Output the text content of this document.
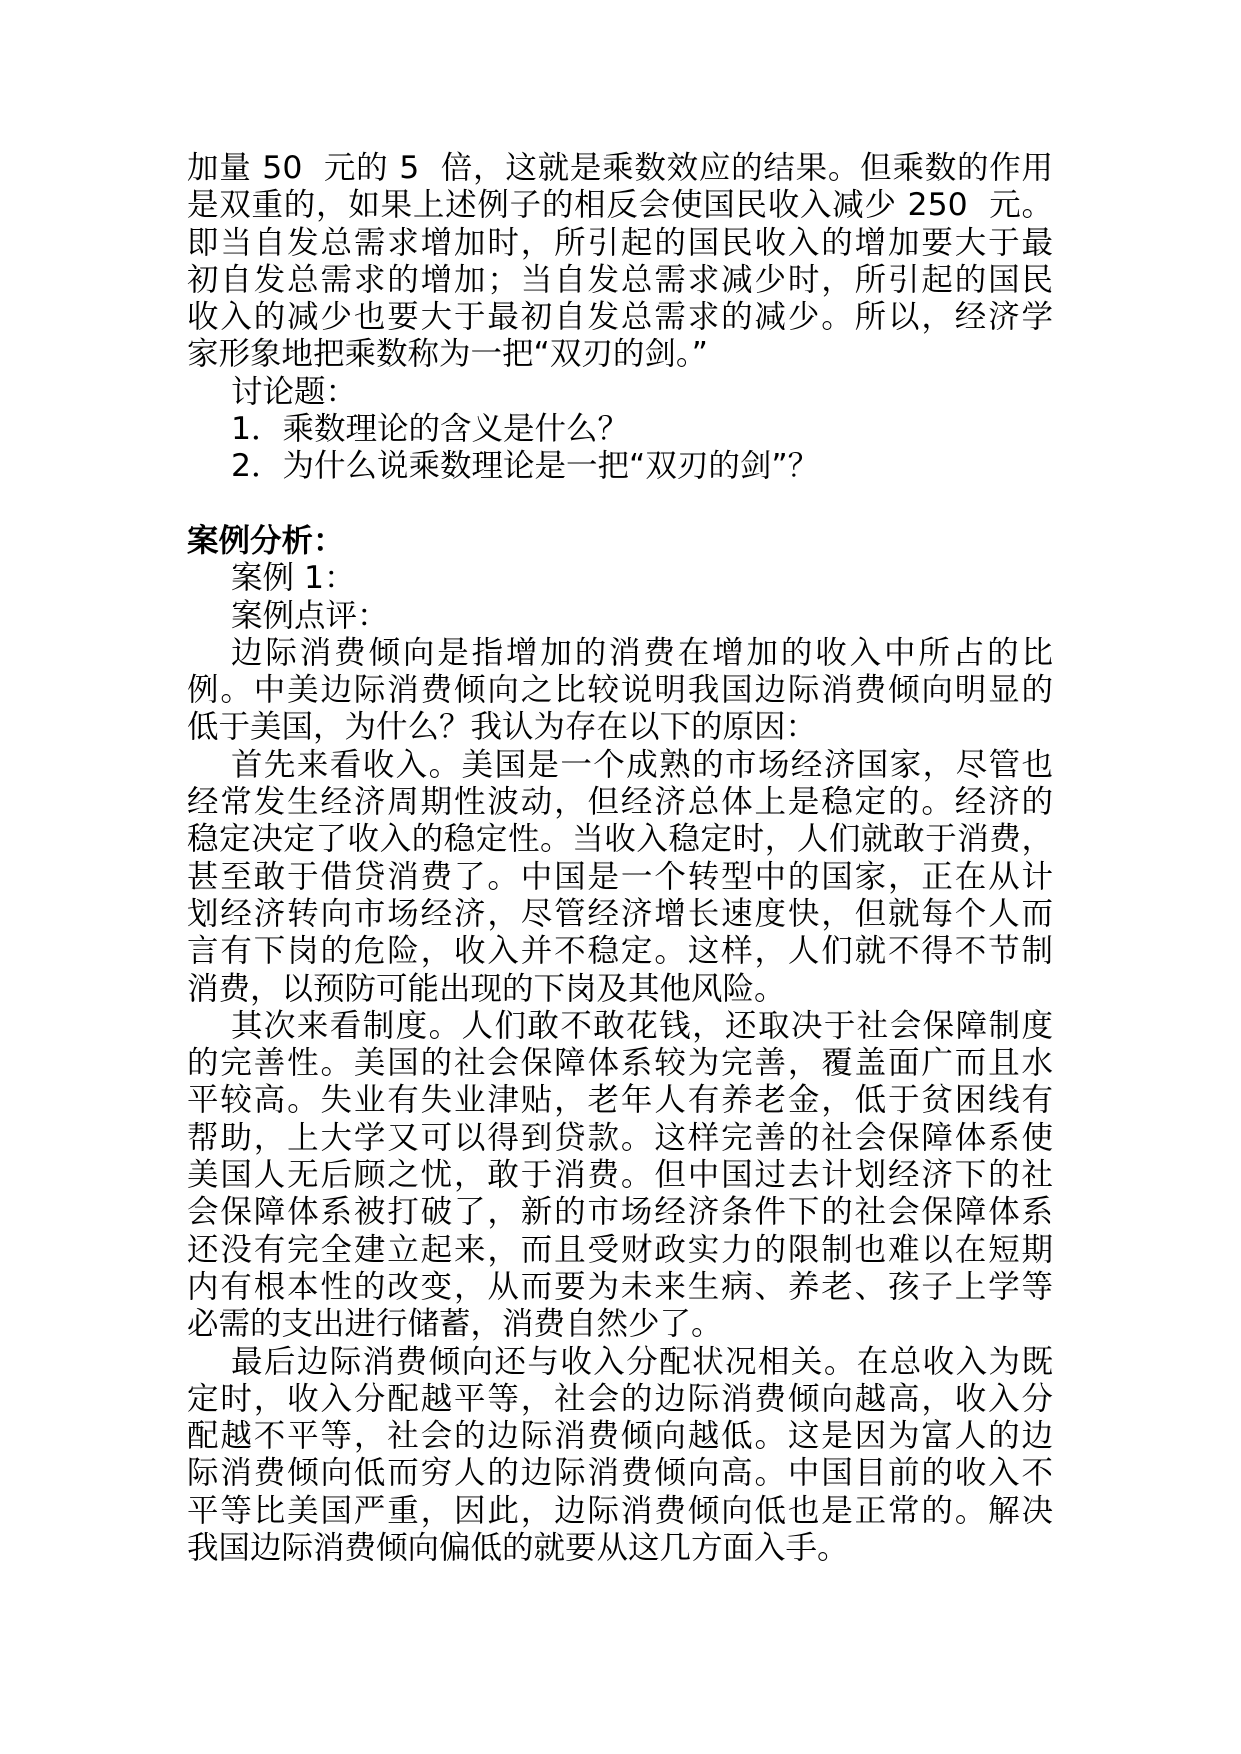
加量 50  元的 5  倍，这就是乘数效应的结果。但乘数的作用
是双重的，如果上述例子的相反会使国民收入减少 250  元。
即当自发总需求增加时，所引起的国民收入的增加要大于最
初自发总需求的增加；当自发总需求减少时，所引起的国民
收入的减少也要大于最初自发总需求的减少。所以，经济学
家形象地把乘数称为一把“双刃的剑。”
讨论题：
1．乘数理论的含义是什么？
2．为什么说乘数理论是一把“双刃的剑”？
案例分析：
案例 1：
案例点评：
边际消费倾向是指增加的消费在增加的收入中所占的比
例。中美边际消费倾向之比较说明我国边际消费倾向明显的
低于美国，为什么？我认为存在以下的原因：
首先来看收入。美国是一个成熟的市场经济国家，尽管也
经常发生经济周期性波动，但经济总体上是稳定的。经济的
稳定决定了收入的稳定性。当收入稳定时，人们就敢于消费，
甚至敢于借贷消费了。中国是一个转型中的国家，正在从计
划经济转向市场经济，尽管经济增长速度快，但就每个人而
言有下岗的危险，收入并不稳定。这样，人们就不得不节制
消费，以预防可能出现的下岗及其他风险。
其次来看制度。人们敢不敢花钱，还取决于社会保障制度
的完善性。美国的社会保障体系较为完善，覆盖面广而且水
平较高。失业有失业津贴，老年人有养老金，低于贫困线有
帮助，上大学又可以得到贷款。这样完善的社会保障体系使
美国人无后顾之忧，敢于消费。但中国过去计划经济下的社
会保障体系被打破了，新的市场经济条件下的社会保障体系
还没有完全建立起来，而且受财政实力的限制也难以在短期
内有根本性的改变，从而要为未来生病、养老、孩子上学等
必需的支出进行储蓄，消费自然少了。
最后边际消费倾向还与收入分配状况相关。在总收入为既
定时，收入分配越平等，社会的边际消费倾向越高，收入分
配越不平等，社会的边际消费倾向越低。这是因为富人的边
际消费倾向低而穷人的边际消费倾向高。中国目前的收入不
平等比美国严重，因此，边际消费倾向低也是正常的。解决
我国边际消费倾向偏低的就要从这几方面入手。
